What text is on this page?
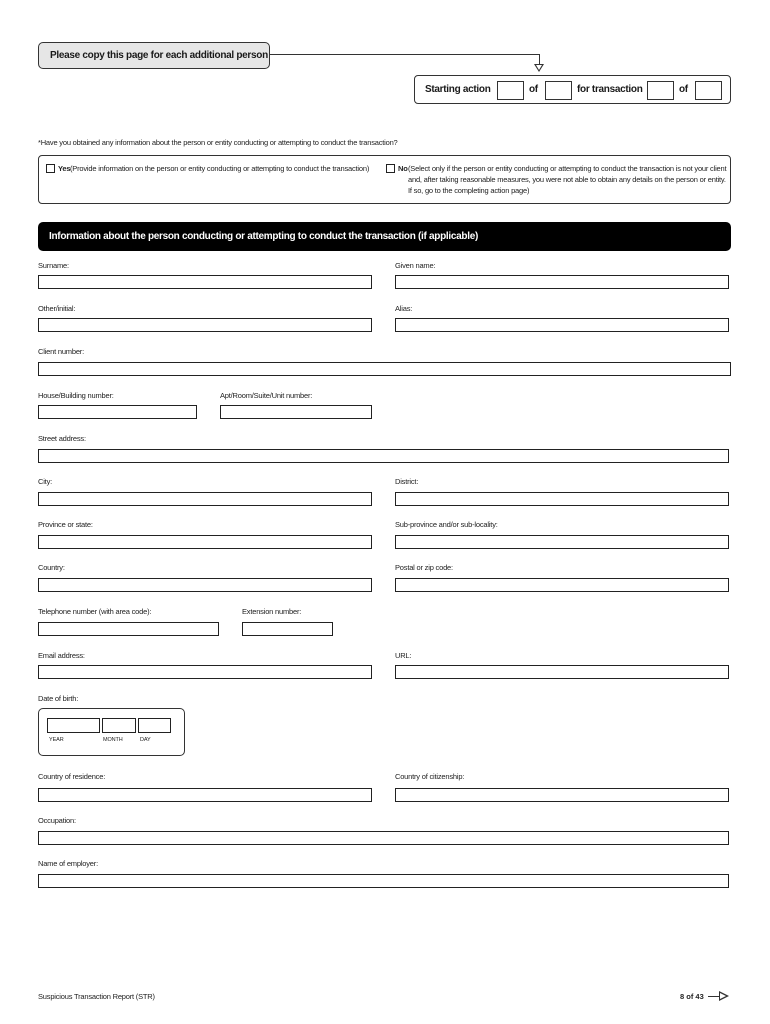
Please copy this page for each additional person
Starting action	of	for transaction	of
*Have you obtained any information about the person or entity conducting or attempting to conduct the transaction?
Yes (Provide information on the person or entity conducting or attempting to conduct the transaction)	No (Select only if the person or entity conducting or attempting to conduct the transaction is not your client
and, after taking reasonable measures, you were not able to obtain any details on the person or entity.
If so, go to the completing action page)
Information about the person conducting or attempting to conduct the transaction (if applicable)
Surname:	Given name:
Other/initial:	Alias:
Client number:
House/Building number:	Apt/Room/Suite/Unit number:
Street address:
City:	District:
Province or state:	Sub-province and/or sub-locality:
Country:	Postal or zip code:
Telephone number (with area code):	Extension number:
Email address:	URL:
Date of birth:
YEAR	MONTH	DAY
Country of residence:	Country of citizenship:
Occupation:
Name of employer:
Suspicious Transaction Report (STR)	8 of 43
